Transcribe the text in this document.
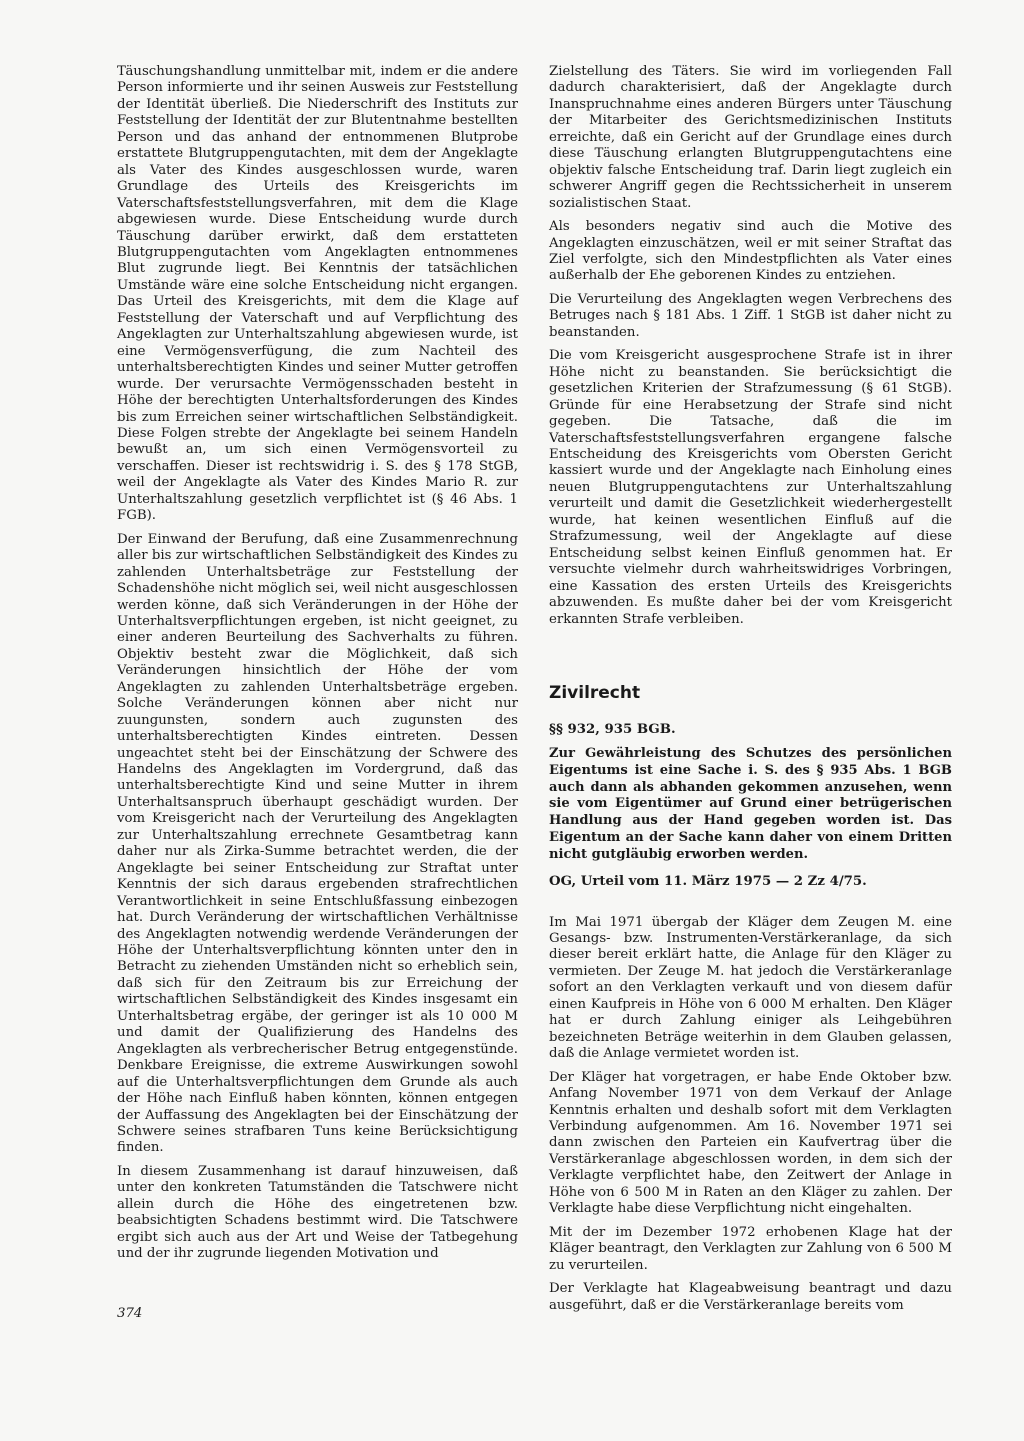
Täuschungshandlung unmittelbar mit, indem er die andere Person informierte und ihr seinen Ausweis zur Feststellung der Identität überließ. Die Niederschrift des Instituts zur Feststellung der Identität der zur Blutentnahme bestellten Person und das anhand der entnommenen Blutprobe erstattete Blutgruppengutachten, mit dem der Angeklagte als Vater des Kindes ausgeschlossen wurde, waren Grundlage des Urteils des Kreisgerichts im Vaterschaftsfeststellungsverfahren, mit dem die Klage abgewiesen wurde. Diese Entscheidung wurde durch Täuschung darüber erwirkt, daß dem erstatteten Blutgruppengutachten vom Angeklagten entnommenes Blut zugrunde liegt. Bei Kenntnis der tatsächlichen Umstände wäre eine solche Entscheidung nicht ergangen. Das Urteil des Kreisgerichts, mit dem die Klage auf Feststellung der Vaterschaft und auf Verpflichtung des Angeklagten zur Unterhaltszahlung abgewiesen wurde, ist eine Vermögensverfügung, die zum Nachteil des unterhaltsberechtigten Kindes und seiner Mutter getroffen wurde. Der verursachte Vermögensschaden besteht in Höhe der berechtigten Unterhaltsforderungen des Kindes bis zum Erreichen seiner wirtschaftlichen Selbständigkeit. Diese Folgen strebte der Angeklagte bei seinem Handeln bewußt an, um sich einen Vermögensvorteil zu verschaffen. Dieser ist rechtswidrig i. S. des § 178 StGB, weil der Angeklagte als Vater des Kindes Mario R. zur Unterhaltszahlung gesetzlich verpflichtet ist (§ 46 Abs. 1 FGB).

Der Einwand der Berufung, daß eine Zusammenrechnung aller bis zur wirtschaftlichen Selbständigkeit des Kindes zu zahlenden Unterhaltsbeträge zur Feststellung der Schadenshöhe nicht möglich sei, weil nicht ausgeschlossen werden könne, daß sich Veränderungen in der Höhe der Unterhaltsverpflichtungen ergeben, ist nicht geeignet, zu einer anderen Beurteilung des Sachverhalts zu führen. Objektiv besteht zwar die Möglichkeit, daß sich Veränderungen hinsichtlich der Höhe der vom Angeklagten zu zahlenden Unterhaltsbeträge ergeben. Solche Veränderungen können aber nicht nur zuungunsten, sondern auch zugunsten des unterhaltsberechtigten Kindes eintreten. Dessen ungeachtet steht bei der Einschätzung der Schwere des Handelns des Angeklagten im Vordergrund, daß das unterhaltsberechtigte Kind und seine Mutter in ihrem Unterhaltsanspruch überhaupt geschädigt wurden. Der vom Kreisgericht nach der Verurteilung des Angeklagten zur Unterhaltszahlung errechnete Gesamtbetrag kann daher nur als Zirka-Summe betrachtet werden, die der Angeklagte bei seiner Entscheidung zur Straftat unter Kenntnis der sich daraus ergebenden strafrechtlichen Verantwortlichkeit in seine Entschlußfassung einbezogen hat. Durch Veränderung der wirtschaftlichen Verhältnisse des Angeklagten notwendig werdende Veränderungen der Höhe der Unterhaltsverpflichtung könnten unter den in Betracht zu ziehenden Umständen nicht so erheblich sein, daß sich für den Zeitraum bis zur Erreichung der wirtschaftlichen Selbständigkeit des Kindes insgesamt ein Unterhaltsbetrag ergäbe, der geringer ist als 10 000 M und damit der Qualifizierung des Handelns des Angeklagten als verbrecherischer Betrug entgegenstünde. Denkbare Ereignisse, die extreme Auswirkungen sowohl auf die Unterhaltsverpflichtungen dem Grunde als auch der Höhe nach Einfluß haben könnten, können entgegen der Auffassung des Angeklagten bei der Einschätzung der Schwere seines strafbaren Tuns keine Berücksichtigung finden.

In diesem Zusammenhang ist darauf hinzuweisen, daß unter den konkreten Tatumständen die Tatschwere nicht allein durch die Höhe des eingetretenen bzw. beabsichtigten Schadens bestimmt wird. Die Tatschwere ergibt sich auch aus der Art und Weise der Tatbegehung und der ihr zugrunde liegenden Motivation und

Zielstellung des Täters. Sie wird im vorliegenden Fall dadurch charakterisiert, daß der Angeklagte durch Inanspruchnahme eines anderen Bürgers unter Täuschung der Mitarbeiter des Gerichtsmedizinischen Instituts erreichte, daß ein Gericht auf der Grundlage eines durch diese Täuschung erlangten Blutgruppengutachtens eine objektiv falsche Entscheidung traf. Darin liegt zugleich ein schwerer Angriff gegen die Rechtssicherheit in unserem sozialistischen Staat.

Als besonders negativ sind auch die Motive des Angeklagten einzuschätzen, weil er mit seiner Straftat das Ziel verfolgte, sich den Mindestpflichten als Vater eines außerhalb der Ehe geborenen Kindes zu entziehen.

Die Verurteilung des Angeklagten wegen Verbrechens des Betruges nach § 181 Abs. 1 Ziff. 1 StGB ist daher nicht zu beanstanden.

Die vom Kreisgericht ausgesprochene Strafe ist in ihrer Höhe nicht zu beanstanden. Sie berücksichtigt die gesetzlichen Kriterien der Strafzumessung (§ 61 StGB). Gründe für eine Herabsetzung der Strafe sind nicht gegeben. Die Tatsache, daß die im Vaterschaftsfeststellungsverfahren ergangene falsche Entscheidung des Kreisgerichts vom Obersten Gericht kassiert wurde und der Angeklagte nach Einholung eines neuen Blutgruppengutachtens zur Unterhaltszahlung verurteilt und damit die Gesetzlichkeit wiederhergestellt wurde, hat keinen wesentlichen Einfluß auf die Strafzumessung, weil der Angeklagte auf diese Entscheidung selbst keinen Einfluß genommen hat. Er versuchte vielmehr durch wahrheitswidriges Vorbringen, eine Kassation des ersten Urteils des Kreisgerichts abzuwenden. Es mußte daher bei der vom Kreisgericht erkannten Strafe verbleiben.

Zivilrecht
§§ 932, 935 BGB.

Zur Gewährleistung des Schutzes des persönlichen Eigentums ist eine Sache i. S. des § 935 Abs. 1 BGB auch dann als abhanden gekommen anzusehen, wenn sie vom Eigentümer auf Grund einer betrügerischen Handlung aus der Hand gegeben worden ist. Das Eigentum an der Sache kann daher von einem Dritten nicht gutgläubig erworben werden.

OG, Urteil vom 11. März 1975 — 2 Zz 4/75.

Im Mai 1971 übergab der Kläger dem Zeugen M. eine Gesangs- bzw. Instrumenten-Verstärkeranlage, da sich dieser bereit erklärt hatte, die Anlage für den Kläger zu vermieten. Der Zeuge M. hat jedoch die Verstärkeranlage sofort an den Verklagten verkauft und von diesem dafür einen Kaufpreis in Höhe von 6 000 M erhalten. Den Kläger hat er durch Zahlung einiger als Leihgebühren bezeichneten Beträge weiterhin in dem Glauben gelassen, daß die Anlage vermietet worden ist.

Der Kläger hat vorgetragen, er habe Ende Oktober bzw. Anfang November 1971 von dem Verkauf der Anlage Kenntnis erhalten und deshalb sofort mit dem Verklagten Verbindung aufgenommen. Am 16. November 1971 sei dann zwischen den Parteien ein Kaufvertrag über die Verstärkeranlage abgeschlossen worden, in dem sich der Verklagte verpflichtet habe, den Zeitwert der Anlage in Höhe von 6 500 M in Raten an den Kläger zu zahlen. Der Verklagte habe diese Verpflichtung nicht eingehalten.

Mit der im Dezember 1972 erhobenen Klage hat der Kläger beantragt, den Verklagten zur Zahlung von 6 500 M zu verurteilen.

Der Verklagte hat Klageabweisung beantragt und dazu ausgeführt, daß er die Verstärkeranlage bereits vom

374
